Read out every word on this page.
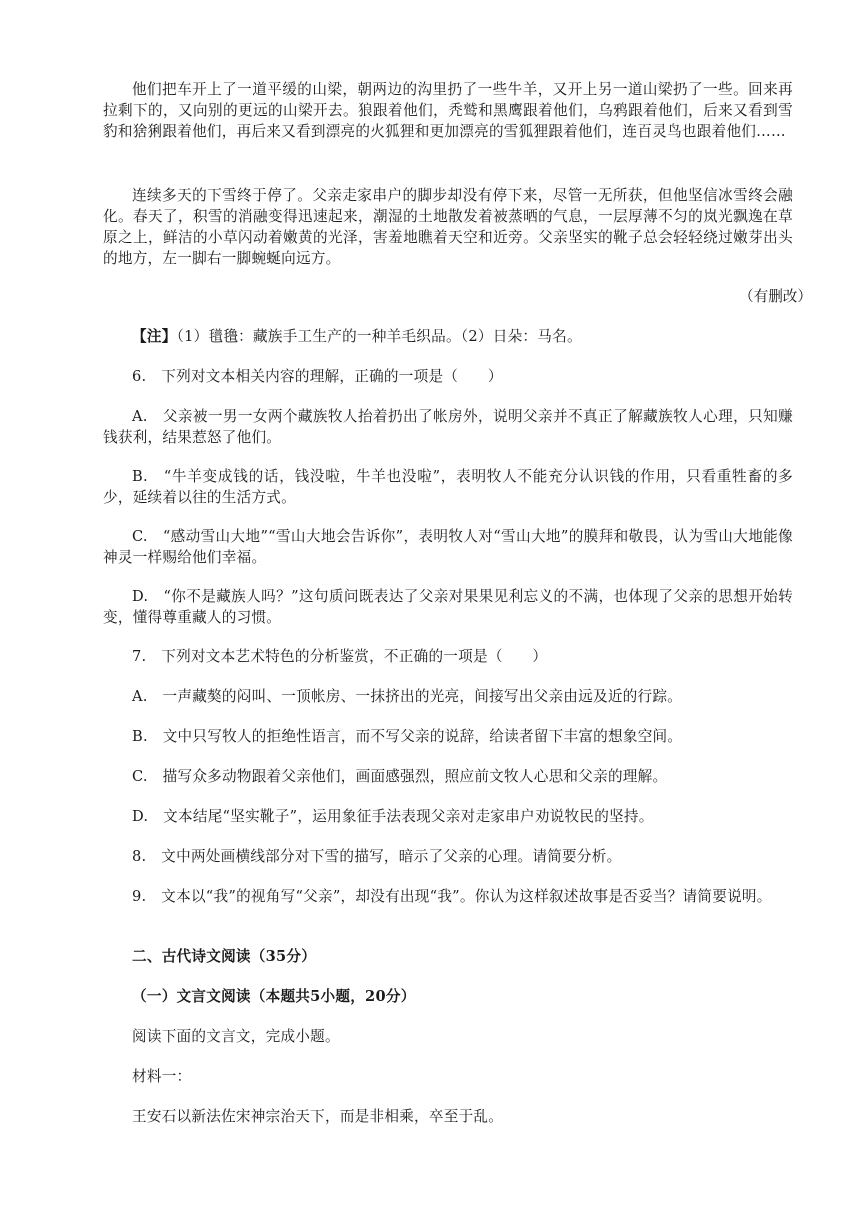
他们把车开上了一道平缓的山梁，朝两边的沟里扔了一些牛羊，又开上另一道山梁扔了一些。回来再拉剩下的，又向别的更远的山梁开去。狼跟着他们，秃鹫和黑鹰跟着他们，乌鸦跟着他们，后来又看到雪豹和猞猁跟着他们，再后来又看到漂亮的火狐狸和更加漂亮的雪狐狸跟着他们，连百灵鸟也跟着他们……

连续多天的下雪终于停了。父亲走家串户的脚步却没有停下来，尽管一无所获，但他坚信冰雪终会融化。春天了，积雪的消融变得迅速起来，潮湿的土地散发着被蒸晒的气息，一层厚薄不匀的岚光飘逸在草原之上，鲜洁的小草闪动着嫩黄的光泽，害羞地瞧着天空和近旁。父亲坚实的靴子总会轻轻绕过嫩芽出头的地方，左一脚右一脚蜿蜒向远方。

（有删改）

【注】（1）氆氇：藏族手工生产的一种羊毛织品。（2）日朵：马名。

6.　下列对文本相关内容的理解，正确的一项是（　　）

A.　父亲被一男一女两个藏族牧人抬着扔出了帐房外，说明父亲并不真正了解藏族牧人心理，只知赚钱获利，结果惹怒了他们。

B.　“牛羊变成钱的话，钱没啦，牛羊也没啦”，表明牧人不能充分认识钱的作用，只看重牲畜的多少，延续着以往的生活方式。

C.　“感动雪山大地”“雪山大地会告诉你”，表明牧人对“雪山大地”的膜拜和敬畏，认为雪山大地能像神灵一样赐给他们幸福。

D.　“你不是藏族人吗？”这句质问既表达了父亲对果果见利忘义的不满，也体现了父亲的思想开始转变，懂得尊重藏人的习惯。

7.　下列对文本艺术特色的分析鉴赏，不正确的一项是（　　）

A.　一声藏獒的闷叫、一顶帐房、一抹挤出的光亮，间接写出父亲由远及近的行踪。

B.　文中只写牧人的拒绝性语言，而不写父亲的说辞，给读者留下丰富的想象空间。

C.　描写众多动物跟着父亲他们，画面感强烈，照应前文牧人心思和父亲的理解。

D.　文本结尾“坚实靴子”，运用象征手法表现父亲对走家串户劝说牧民的坚持。

8.　文中两处画横线部分对下雪的描写，暗示了父亲的心理。请简要分析。

9.　文本以“我”的视角写“父亲”，却没有出现“我”。你认为这样叙述故事是否妥当？请简要说明。

二、古代诗文阅读（35分）

（一）文言文阅读（本题共5小题，20分）

阅读下面的文言文，完成小题。

材料一：

王安石以新法佐宋神宗治天下，而是非相乘，卒至于乱。
